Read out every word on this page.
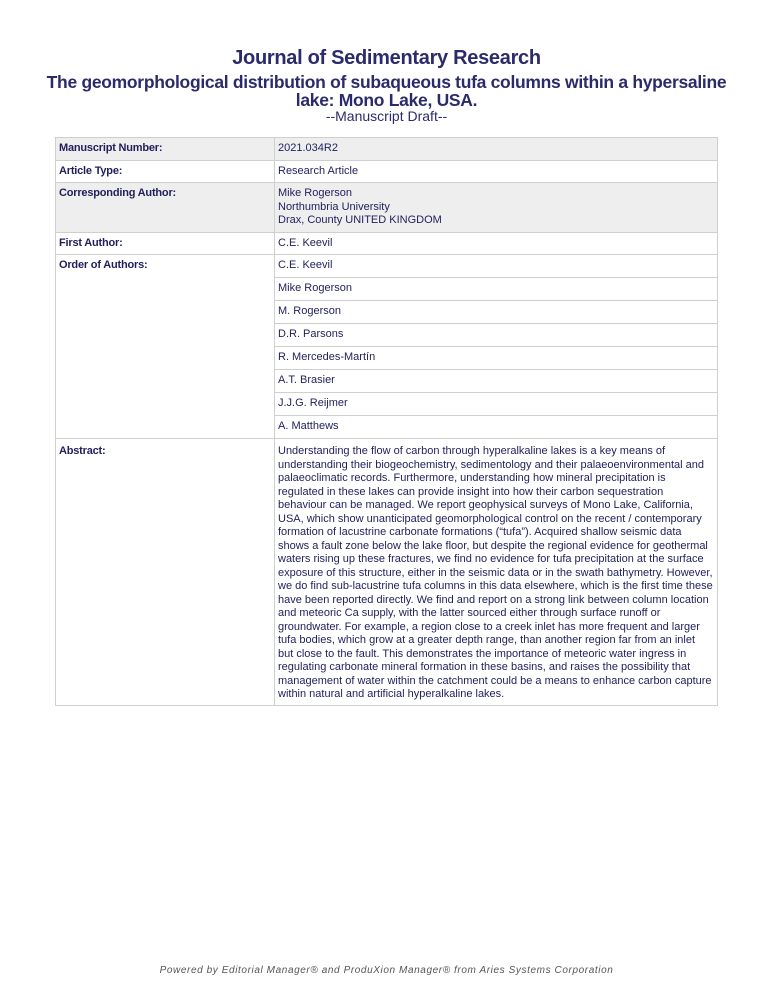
Journal of Sedimentary Research
The geomorphological distribution of subaqueous tufa columns within a hypersaline lake: Mono Lake, USA.
--Manuscript Draft--
Manuscript Number:	2021.034R2
Article Type:	Research Article
Corresponding Author:	Mike Rogerson
Northumbria University
Drax, County UNITED KINGDOM

First Author:	C.E. Keevil
Order of Authors:	C.E. Keevil
	Mike Rogerson
	M. Rogerson
	D.R. Parsons
	R. Mercedes-Martín
	A.T. Brasier
	J.J.G. Reijmer
	A. Matthews
Abstract:	Understanding the flow of carbon through hyperalkaline lakes is a key means of understanding their biogeochemistry, sedimentology and their palaeoenvironmental and palaeoclimatic records. Furthermore, understanding how mineral precipitation is regulated in these lakes can provide insight into how their carbon sequestration behaviour can be managed. We report geophysical surveys of Mono Lake, California, USA, which show unanticipated geomorphological control on the recent / contemporary formation of lacustrine carbonate formations (“tufa”). Acquired shallow seismic data shows a fault zone below the lake floor, but despite the regional evidence for geothermal waters rising up these fractures, we find no evidence for tufa precipitation at the surface exposure of this structure, either in the seismic data or in the swath bathymetry. However, we do find sub-lacustrine tufa columns in this data elsewhere, which is the first time these have been reported directly. We find and report on a strong link between column location and meteoric Ca supply, with the latter sourced either through surface runoff or groundwater. For example, a region close to a creek inlet has more frequent and larger tufa bodies, which grow at a greater depth range, than another region far from an inlet but close to the fault. This demonstrates the importance of meteoric water ingress in regulating carbonate mineral formation in these basins, and raises the possibility that management of water within the catchment could be a means to enhance carbon capture within natural and artificial hyperalkaline lakes.
Powered by Editorial Manager® and ProduXion Manager® from Aries Systems Corporation
